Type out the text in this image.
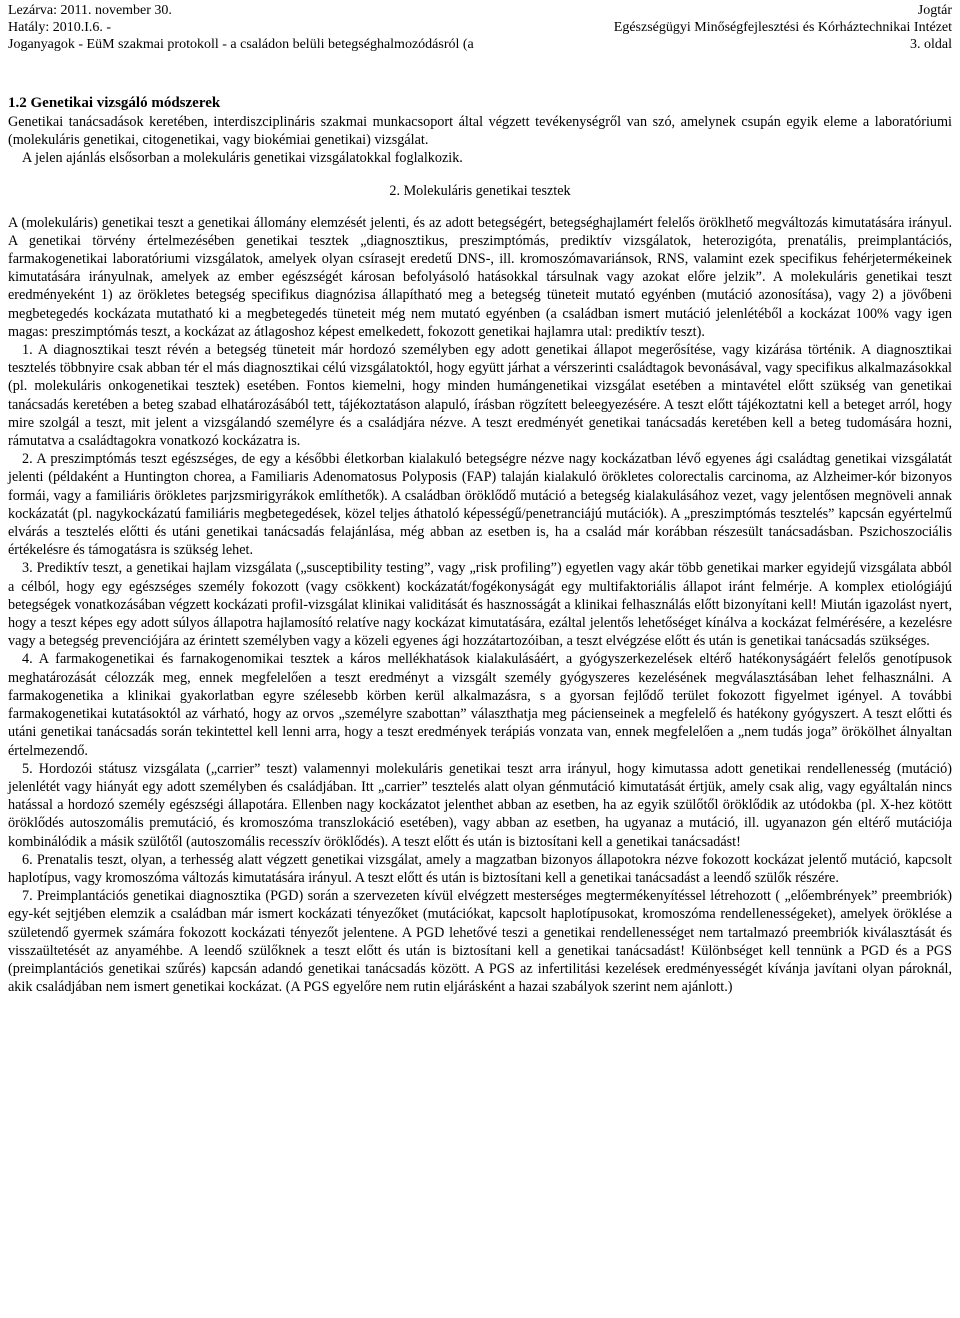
Lezárva: 2011. november 30.	Jogtár
Hatály: 2010.I.6. -	Egészségügyi Minőségfejlesztési és Kórháztechnikai Intézet
Joganyagok - EüM szakmai protokoll - a családon belüli betegséghalmozódásról (a	3. oldal
1.2 Genetikai vizsgáló módszerek

Genetikai tanácsadások keretében, interdiszciplináris szakmai munkacsoport által végzett tevékenységről van szó, amelynek csupán egyik eleme a laboratóriumi (molekuláris genetikai, citogenetikai, vagy biokémiai genetikai) vizsgálat.

A jelen ajánlás elsősorban a molekuláris genetikai vizsgálatokkal foglalkozik.

2. Molekuláris genetikai tesztek

A (molekuláris) genetikai teszt a genetikai állomány elemzését jelenti, és az adott betegségért, betegséghajlamért felelős öröklhető megváltozás kimutatására irányul. A genetikai törvény értelmezésében genetikai tesztek „diagnosztikus, preszimptómás, prediktív vizsgálatok, heterozigóta, prenatális, preimplantációs, farmakogenetikai laboratóriumi vizsgálatok, amelyek olyan csírasejt eredetű DNS-, ill. kromoszómavariánsok, RNS, valamint ezek specifikus fehérjetermékeinek kimutatására irányulnak, amelyek az ember egészségét károsan befolyásoló hatásokkal társulnak vagy azokat előre jelzik”. A molekuláris genetikai teszt eredményeként 1) az örökletes betegség specifikus diagnózisa állapítható meg a betegség tüneteit mutató egyénben (mutáció azonosítása), vagy 2) a jövőbeni megbetegedés kockázata mutatható ki a megbetegedés tüneteit még nem mutató egyénben (a családban ismert mutáció jelenlétéből a kockázat 100% vagy igen magas: preszimptómás teszt, a kockázat az átlagoshoz képest emelkedett, fokozott genetikai hajlamra utal: prediktív teszt).

1. A diagnosztikai teszt révén a betegség tüneteit már hordozó személyben egy adott genetikai állapot megerősítése, vagy kizárása történik. A diagnosztikai tesztelés többnyire csak abban tér el más diagnosztikai célú vizsgálatoktól, hogy együtt járhat a vérszerinti családtagok bevonásával, vagy specifikus alkalmazásokkal (pl. molekuláris onkogenetikai tesztek) esetében. Fontos kiemelni, hogy minden humángenetikai vizsgálat esetében a mintavétel előtt szükség van genetikai tanácsadás keretében a beteg szabad elhatározásából tett, tájékoztatáson alapuló, írásban rögzített beleegyezésére. A teszt előtt tájékoztatni kell a beteget arról, hogy mire szolgál a teszt, mit jelent a vizsgálandó személyre és a családjára nézve. A teszt eredményét genetikai tanácsadás keretében kell a beteg tudomására hozni, rámutatva a családtagokra vonatkozó kockázatra is.

2. A preszimptómás teszt egészséges, de egy a későbbi életkorban kialakuló betegségre nézve nagy kockázatban lévő egyenes ági családtag genetikai vizsgálatát jelenti (példaként a Huntington chorea, a Familiaris Adenomatosus Polyposis (FAP) talaján kialakuló örökletes colorectalis carcinoma, az Alzheimer-kór bizonyos formái, vagy a familiáris örökletes parjzsmirigyrákok említhetők). A családban öröklődő mutáció a betegség kialakulásához vezet, vagy jelentősen megnöveli annak kockázatát (pl. nagykockázatú familiáris megbetegedések, közel teljes áthatoló képességű/penetranciájú mutációk). A „preszimptómás tesztelés” kapcsán egyértelmű elvárás a tesztelés előtti és utáni genetikai tanácsadás felajánlása, még abban az esetben is, ha a család már korábban részesült tanácsadásban. Pszichoszociális értékelésre és támogatásra is szükség lehet.

3. Prediktív teszt, a genetikai hajlam vizsgálata („susceptibility testing”, vagy „risk profiling”) egyetlen vagy akár több genetikai marker egyidejű vizsgálata abból a célból, hogy egy egészséges személy fokozott (vagy csökkent) kockázatát/fogékonyságát egy multifaktoriális állapot iránt felmérje. A komplex etiológiájú betegségek vonatkozásában végzett kockázati profil-vizsgálat klinikai validitását és hasznosságát a klinikai felhasználás előtt bizonyítani kell! Miután igazolást nyert, hogy a teszt képes egy adott súlyos állapotra hajlamosító relatíve nagy kockázat kimutatására, ezáltal jelentős lehetőséget kínálva a kockázat felmérésére, a kezelésre vagy a betegség prevenciójára az érintett személyben vagy a közeli egyenes ági hozzátartozóiban, a teszt elvégzése előtt és után is genetikai tanácsadás szükséges.

4. A farmakogenetikai és farnakogenomikai tesztek a káros mellékhatások kialakulásáért, a gyógyszerkezelések eltérő hatékonyságáért felelős genotípusok meghatározását célozzák meg, ennek megfelelően a teszt eredményt a vizsgált személy gyógyszeres kezelésének megválasztásában lehet felhasználni. A farmakogenetika a klinikai gyakorlatban egyre szélesebb körben kerül alkalmazásra, s a gyorsan fejlődő terület fokozott figyelmet igényel. A további farmakogenetikai kutatásoktól az várható, hogy az orvos „személyre szabottan” választhatja meg pácienseinek a megfelelő és hatékony gyógyszert. A teszt előtti és utáni genetikai tanácsadás során tekintettel kell lenni arra, hogy a teszt eredmények terápiás vonzata van, ennek megfelelően a „nem tudás joga” örökölhet álnyaltan értelmezendő.

5. Hordozói státusz vizsgálata („carrier” teszt) valamennyi molekuláris genetikai teszt arra irányul, hogy kimutassa adott genetikai rendellenesség (mutáció) jelenlétét vagy hiányát egy adott személyben és családjában. Itt „carrier” tesztelés alatt olyan génmutáció kimutatását értjük, amely csak alig, vagy egyáltalán nincs hatással a hordozó személy egészségi állapotára. Ellenben nagy kockázatot jelenthet abban az esetben, ha az egyik szülőtől öröklődik az utódokba (pl. X-hez kötött öröklődés autoszomális premutáció, és kromoszóma transzlokáció esetében), vagy abban az esetben, ha ugyanaz a mutáció, ill. ugyanazon gén eltérő mutációja kombinálódik a másik szülőtől (autoszomális recesszív öröklődés). A teszt előtt és után is biztosítani kell a genetikai tanácsadást!

6. Prenatalis teszt, olyan, a terhesség alatt végzett genetikai vizsgálat, amely a magzatban bizonyos állapotokra nézve fokozott kockázat jelentő mutáció, kapcsolt haplotípus, vagy kromoszóma változás kimutatására irányul. A teszt előtt és után is biztosítani kell a genetikai tanácsadást a leendő szülők részére.

7. Preimplantációs genetikai diagnosztika (PGD) során a szervezeten kívül elvégzett mesterséges megtermékenyítéssel létrehozott ( „előembrények” preembriók) egy-két sejtjében elemzik a családban már ismert kockázati tényezőket (mutációkat, kapcsolt haplotípusokat, kromoszóma rendellenességeket), amelyek öröklése a születendő gyermek számára fokozott kockázati tényezőt jelentene. A PGD lehetővé teszi a genetikai rendellenességet nem tartalmazó preembriók kiválasztását és visszaültetését az anyaméhbe. A leendő szülőknek a teszt előtt és után is biztosítani kell a genetikai tanácsadást! Különbséget kell tennünk a PGD és a PGS (preimplantációs genetikai szűrés) kapcsán adandó genetikai tanácsadás között. A PGS az infertilitási kezelések eredményességét kívánja javítani olyan pároknál, akik családjában nem ismert genetikai kockázat. (A PGS egyelőre nem rutin eljárásként a hazai szabályok szerint nem ajánlott.)
